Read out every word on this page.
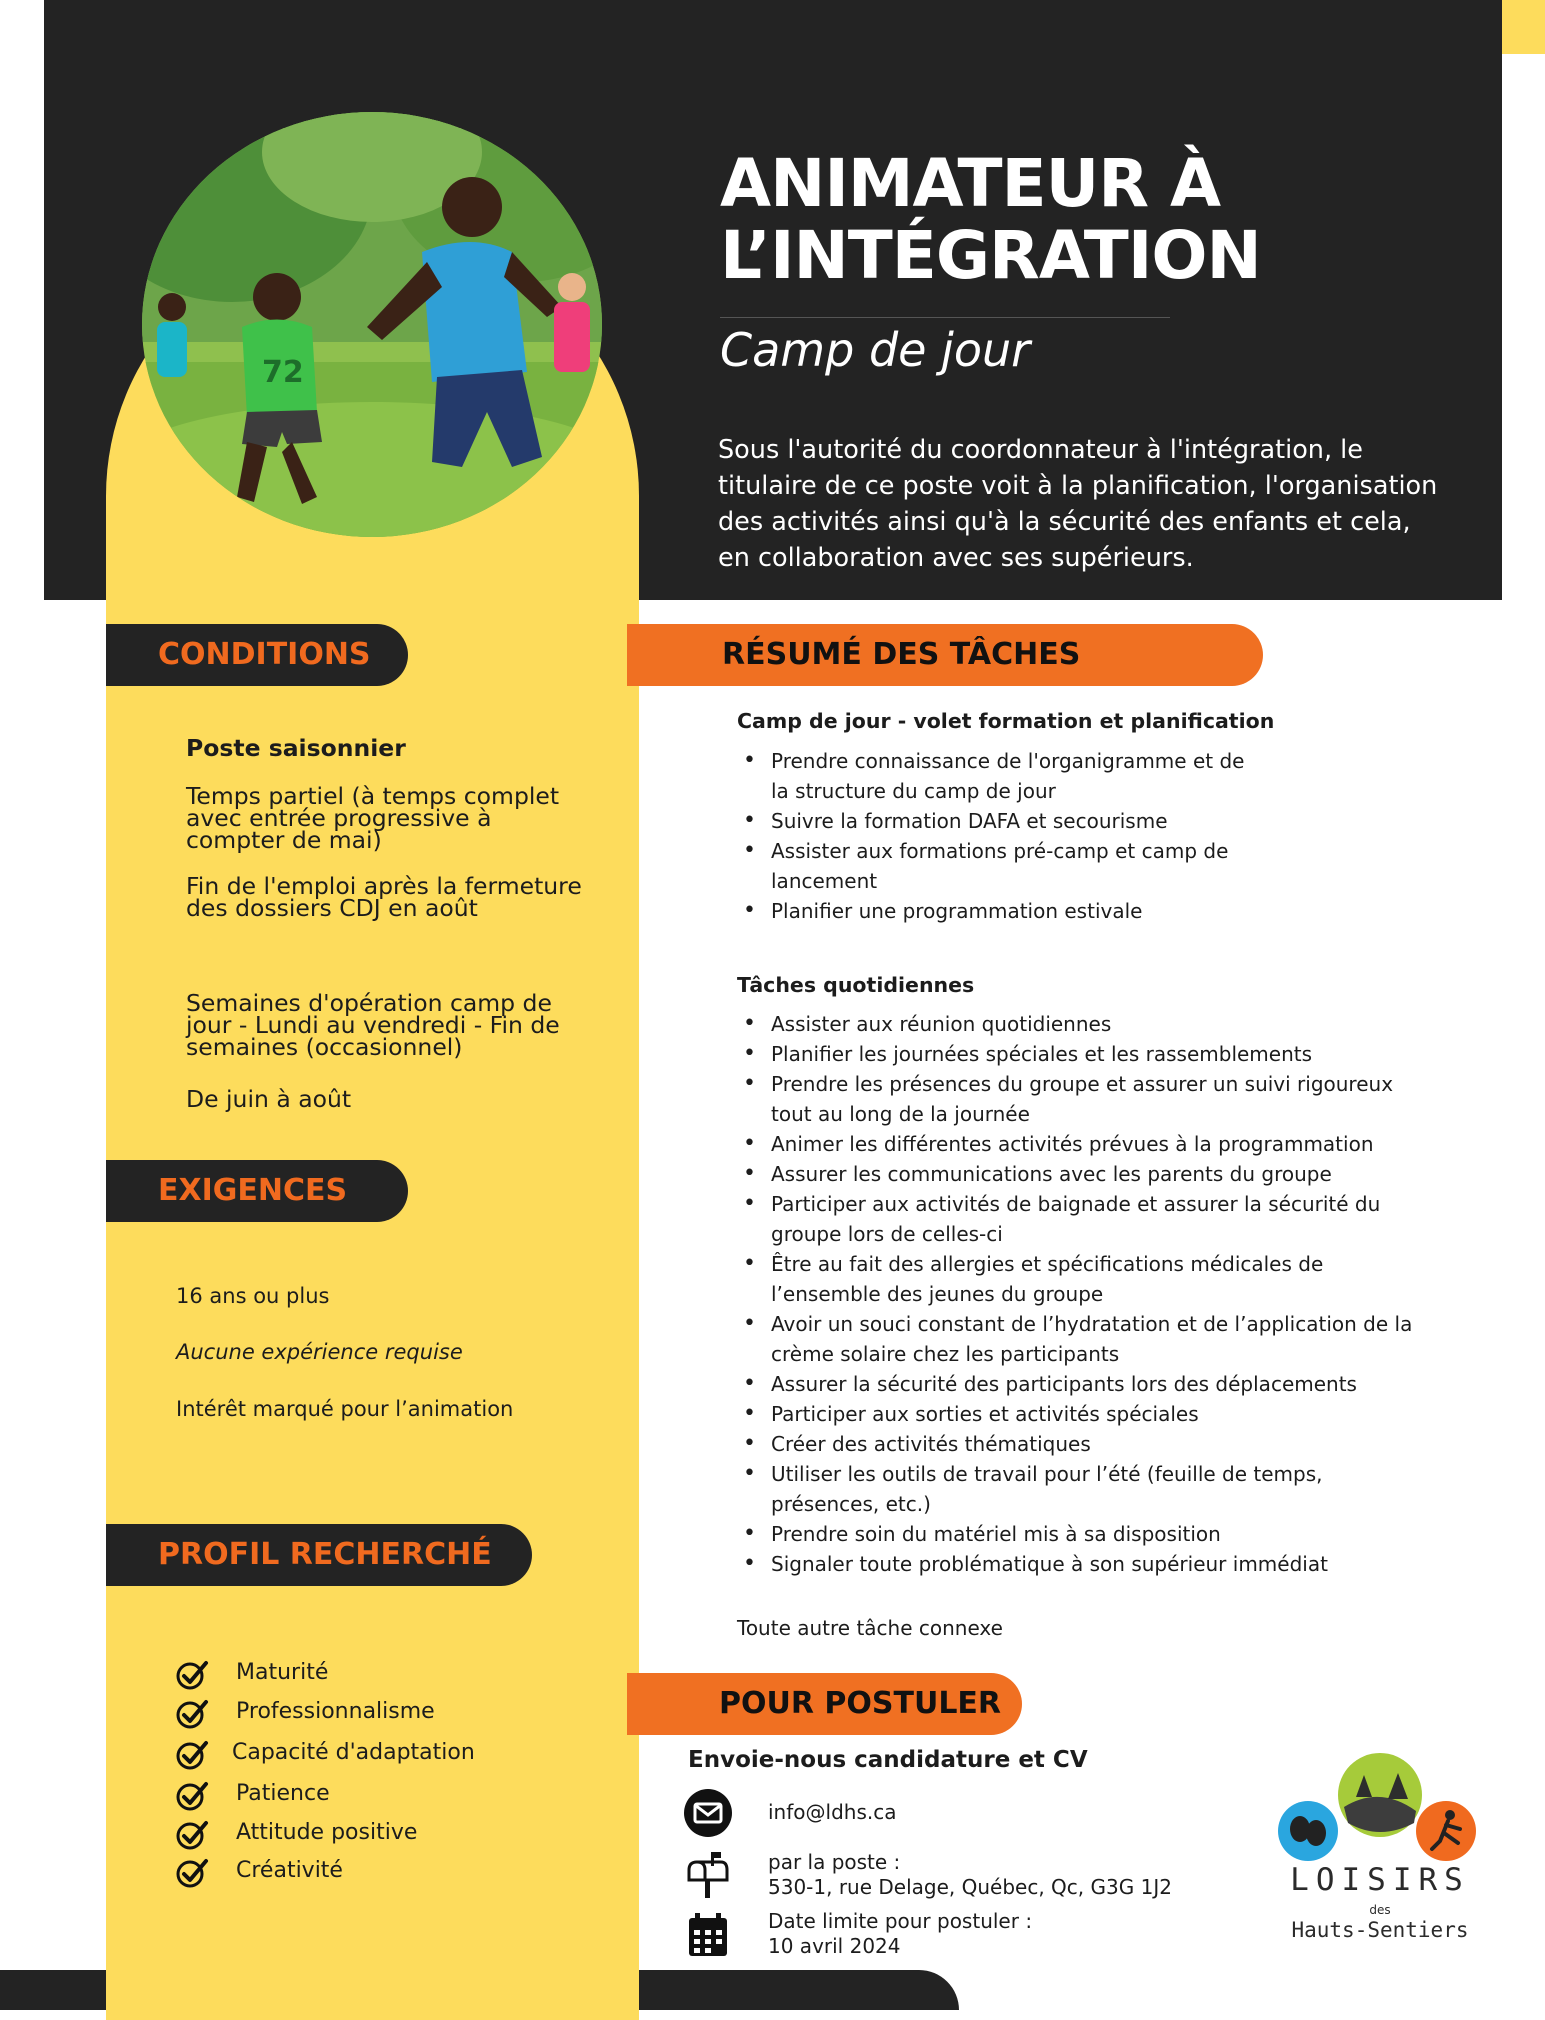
72
ANIMATEUR À
L’INTÉGRATION
Camp de jour
Sous l'autorité du coordonnateur à l'intégration, le titulaire de ce poste voit à la planification, l'organisation des activités ainsi qu'à la sécurité des enfants et cela, en collaboration avec ses supérieurs.
CONDITIONS
EXIGENCES
PROFIL RECHERCHÉ
RÉSUMÉ DES TÂCHES
POUR POSTULER
Poste saisonnier
Temps partiel (à temps complet avec entrée progressive à compter de mai)
Fin de l'emploi après la fermeture des dossiers CDJ en août
Semaines d'opération camp de jour - Lundi au vendredi - Fin de semaines (occasionnel)
De juin à août
16 ans ou plus
Aucune expérience requise
Intérêt marqué pour l’animation
Maturité
Professionnalisme
Capacité d'adaptation
Patience
Attitude positive
Créativité
Camp de jour - volet formation et planification
• Prendre connaissance de l'organigramme et de la structure du camp de jour
• Suivre la formation DAFA et secourisme
• Assister aux formations pré-camp et camp de lancement
• Planifier une programmation estivale
Tâches quotidiennes
• Assister aux réunion quotidiennes
• Planifier les journées spéciales et les rassemblements
• Prendre les présences du groupe et assurer un suivi rigoureux tout au long de la journée
• Animer les différentes activités prévues à la programmation
• Assurer les communications avec les parents du groupe
• Participer aux activités de baignade et assurer la sécurité du groupe lors de celles-ci
• Être au fait des allergies et spécifications médicales de l’ensemble des jeunes du groupe
• Avoir un souci constant de l’hydratation et de l’application de la crème solaire chez les participants
• Assurer la sécurité des participants lors des déplacements
• Participer aux sorties et activités spéciales
• Créer des activités thématiques
• Utiliser les outils de travail pour l’été (feuille de temps, présences, etc.)
• Prendre soin du matériel mis à sa disposition
• Signaler toute problématique à son supérieur immédiat
Toute autre tâche connexe
Envoie-nous candidature et CV
info@ldhs.ca
par la poste :
530-1, rue Delage, Québec, Qc, G3G 1J2
Date limite pour postuler :
10 avril 2024
LOISIRS
des
Hauts-Sentiers
